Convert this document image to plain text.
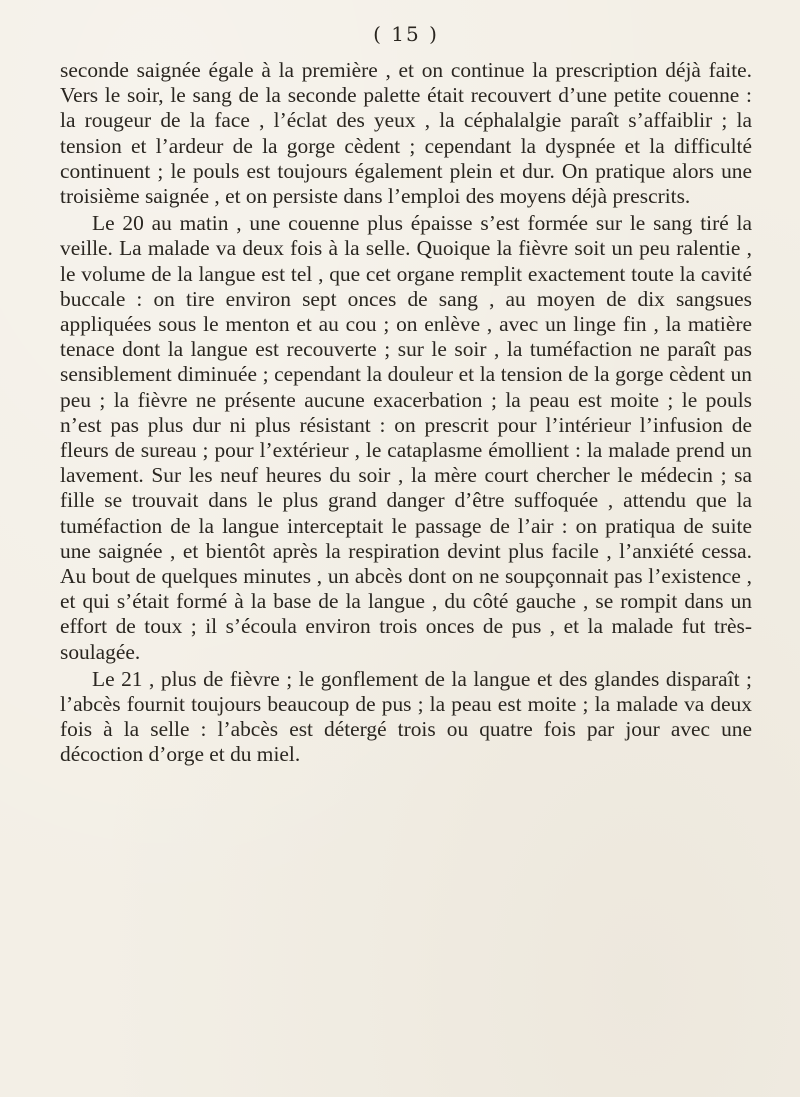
( 15 )

seconde saignée égale à la première , et on continue la prescription déjà faite. Vers le soir, le sang de la seconde palette était recouvert d’une petite couenne : la rougeur de la face , l’éclat des yeux , la céphalalgie paraît s’affaiblir ; la tension et l’ardeur de la gorge cèdent ; cependant la dyspnée et la difficulté continuent ; le pouls est toujours également plein et dur. On pratique alors une troisième saignée , et on persiste dans l’emploi des moyens déjà prescrits.

Le 20 au matin , une couenne plus épaisse s’est formée sur le sang tiré la veille. La malade va deux fois à la selle. Quoique la fièvre soit un peu ralentie , le volume de la langue est tel , que cet organe remplit exactement toute la cavité buccale : on tire environ sept onces de sang , au moyen de dix sangsues appliquées sous le menton et au cou ; on enlève , avec un linge fin , la matière tenace dont la langue est recouverte ; sur le soir , la tuméfaction ne paraît pas sensiblement diminuée ; cependant la douleur et la tension de la gorge cèdent un peu ; la fièvre ne présente aucune exacerbation ; la peau est moite ; le pouls n’est pas plus dur ni plus résistant : on prescrit pour l’intérieur l’infusion de fleurs de sureau ; pour l’extérieur , le cataplasme émollient : la malade prend un lavement. Sur les neuf heures du soir , la mère court chercher le médecin ; sa fille se trouvait dans le plus grand danger d’être suffoquée , attendu que la tuméfaction de la langue interceptait le passage de l’air : on pratiqua de suite une saignée , et bientôt après la respiration devint plus facile , l’anxiété cessa. Au bout de quelques minutes , un abcès dont on ne soupçonnait pas l’existence , et qui s’était formé à la base de la langue , du côté gauche , se rompit dans un effort de toux ; il s’écoula environ trois onces de pus , et la malade fut très-soulagée.

Le 21 , plus de fièvre ; le gonflement de la langue et des glandes disparaît ; l’abcès fournit toujours beaucoup de pus ; la peau est moite ; la malade va deux fois à la selle : l’abcès est détergé trois ou quatre fois par jour avec une décoction d’orge et du miel.
